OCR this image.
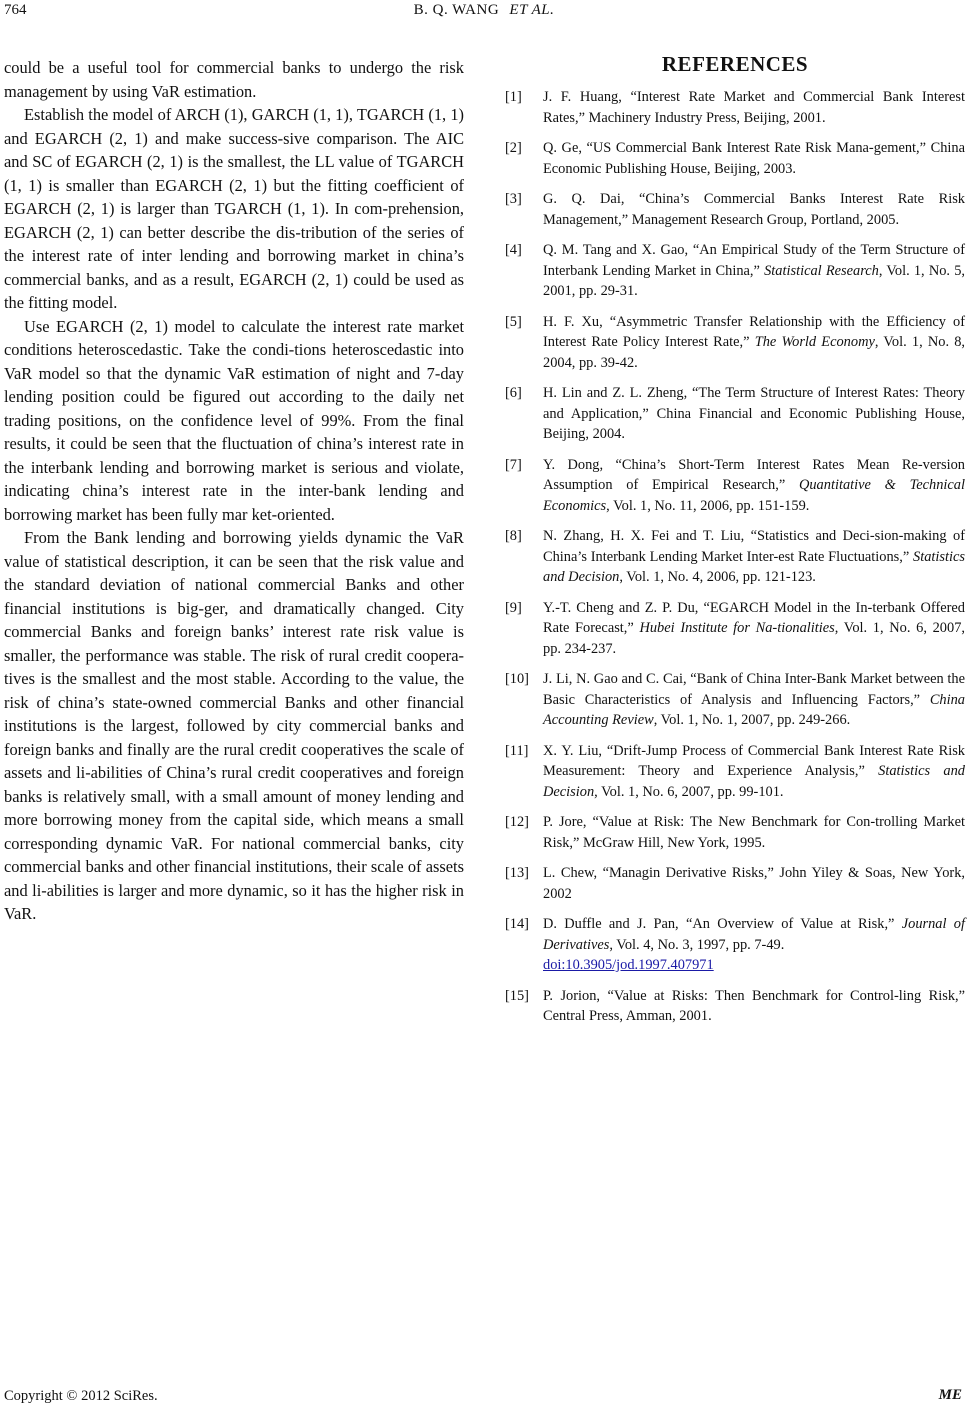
764	B. Q. WANG ET AL.

could be a useful tool for commercial banks to undergo the risk management by using VaR estimation.

Establish the model of ARCH (1), GARCH (1, 1), TGARCH (1, 1) and EGARCH (2, 1) and make success-sive comparison. The AIC and SC of EGARCH (2, 1) is the smallest, the LL value of TGARCH (1, 1) is smaller than EGARCH (2, 1) but the fitting coefficient of EGARCH (2, 1) is larger than TGARCH (1, 1). In com-prehension, EGARCH (2, 1) can better describe the dis-tribution of the series of the interest rate of inter lending and borrowing market in china’s commercial banks, and as a result, EGARCH (2, 1) could be used as the fitting model.

Use EGARCH (2, 1) model to calculate the interest rate market conditions heteroscedastic. Take the condi-tions heteroscedastic into VaR model so that the dynamic VaR estimation of night and 7-day lending position could be figured out according to the daily net trading positions, on the confidence level of 99%. From the final results, it could be seen that the fluctuation of china’s interest rate in the interbank lending and borrowing market is serious and violate, indicating china’s interest rate in the inter-bank lending and borrowing market has been fully mar ket-oriented.

From the Bank lending and borrowing yields dynamic the VaR value of statistical description, it can be seen that the risk value and the standard deviation of national commercial Banks and other financial institutions is big-ger, and dramatically changed. City commercial Banks and foreign banks’ interest rate risk value is smaller, the performance was stable. The risk of rural credit coopera-tives is the smallest and the most stable. According to the value, the risk of china’s state-owned commercial Banks and other financial institutions is the largest, followed by city commercial banks and foreign banks and finally are the rural credit cooperatives the scale of assets and li-abilities of China’s rural credit cooperatives and foreign banks is relatively small, with a small amount of money lending and more borrowing money from the capital side, which means a small corresponding dynamic VaR. For national commercial banks, city commercial banks and other financial institutions, their scale of assets and li-abilities is larger and more dynamic, so it has the higher risk in VaR.

REFERENCES
[1] J. F. Huang, “Interest Rate Market and Commercial Bank Interest Rates,” Machinery Industry Press, Beijing, 2001.
[2] Q. Ge, “US Commercial Bank Interest Rate Risk Mana-gement,” China Economic Publishing House, Beijing, 2003.
[3] G. Q. Dai, “China’s Commercial Banks Interest Rate Risk Management,” Management Research Group, Portland, 2005.
[4] Q. M. Tang and X. Gao, “An Empirical Study of the Term Structure of Interbank Lending Market in China,” Statistical Research, Vol. 1, No. 5, 2001, pp. 29-31.
[5] H. F. Xu, “Asymmetric Transfer Relationship with the Efficiency of Interest Rate Policy Interest Rate,” The World Economy, Vol. 1, No. 8, 2004, pp. 39-42.
[6] H. Lin and Z. L. Zheng, “The Term Structure of Interest Rates: Theory and Application,” China Financial and Economic Publishing House, Beijing, 2004.
[7] Y. Dong, “China’s Short-Term Interest Rates Mean Re-version Assumption of Empirical Research,” Quantitative & Technical Economics, Vol. 1, No. 11, 2006, pp. 151-159.
[8] N. Zhang, H. X. Fei and T. Liu, “Statistics and Deci-sion-making of China’s Interbank Lending Market Inter-est Rate Fluctuations,” Statistics and Decision, Vol. 1, No. 4, 2006, pp. 121-123.
[9] Y.-T. Cheng and Z. P. Du, “EGARCH Model in the In-terbank Offered Rate Forecast,” Hubei Institute for Na-tionalities, Vol. 1, No. 6, 2007, pp. 234-237.
[10] J. Li, N. Gao and C. Cai, “Bank of China Inter-Bank Market between the Basic Characteristics of Analysis and Influencing Factors,” China Accounting Review, Vol. 1, No. 1, 2007, pp. 249-266.
[11] X. Y. Liu, “Drift-Jump Process of Commercial Bank Interest Rate Risk Measurement: Theory and Experience Analysis,” Statistics and Decision, Vol. 1, No. 6, 2007, pp. 99-101.
[12] P. Jore, “Value at Risk: The New Benchmark for Con-trolling Market Risk,” McGraw Hill, New York, 1995.
[13] L. Chew, “Managin Derivative Risks,” John Yiley & Soas, New York, 2002
[14] D. Duffle and J. Pan, “An Overview of Value at Risk,” Journal of Derivatives, Vol. 4, No. 3, 1997, pp. 7-49.
doi:10.3905/jod.1997.407971
[15] P. Jorion, “Value at Risks: Then Benchmark for Control-ling Risk,” Central Press, Amman, 2001.
Copyright © 2012 SciRes.	ME
